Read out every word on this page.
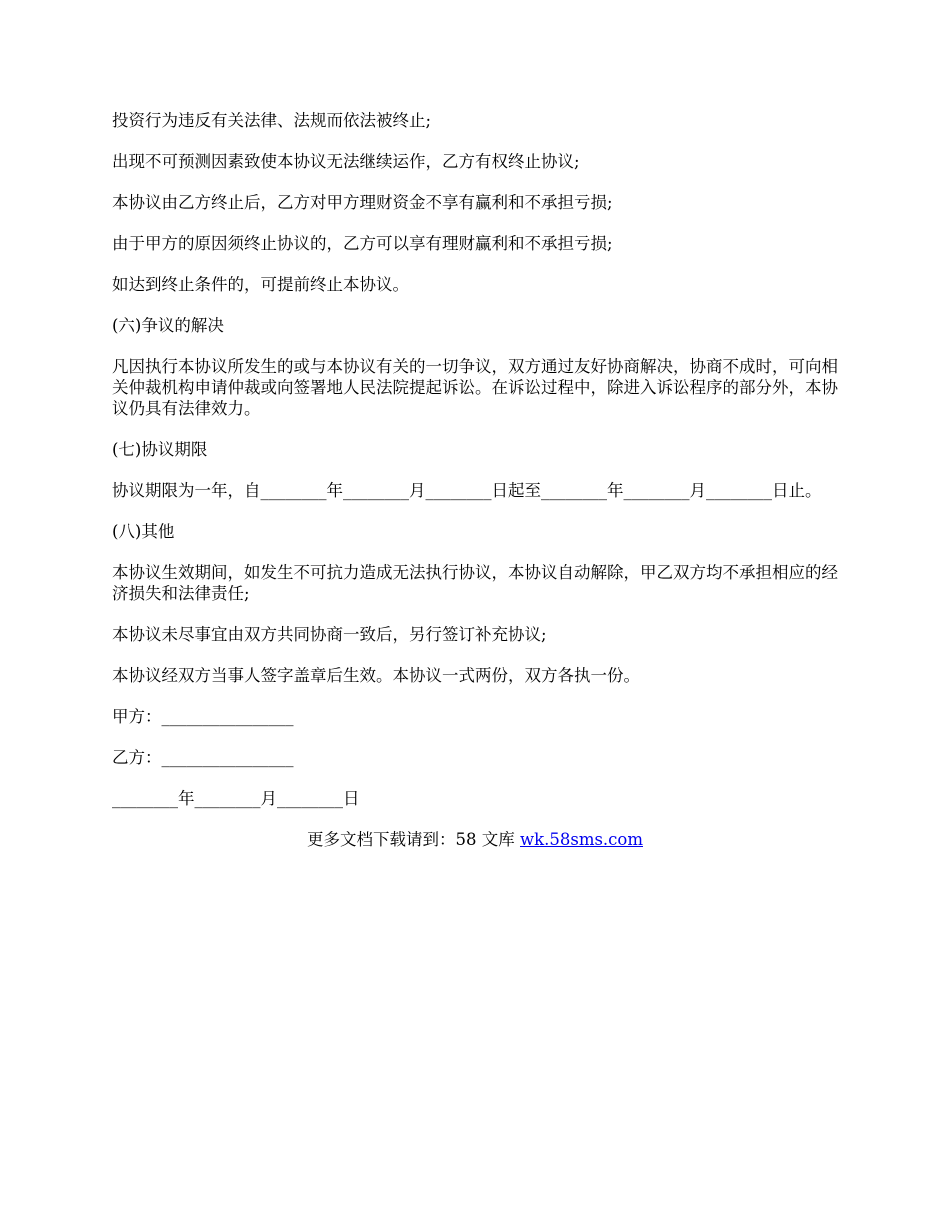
投资行为违反有关法律、法规而依法被终止;

出现不可预测因素致使本协议无法继续运作，乙方有权终止协议;

本协议由乙方终止后，乙方对甲方理财资金不享有赢利和不承担亏损;

由于甲方的原因须终止协议的，乙方可以享有理财赢利和不承担亏损;

如达到终止条件的，可提前终止本协议。

(六)争议的解决

凡因执行本协议所发生的或与本协议有关的一切争议，双方通过友好协商解决，协商不成时，可向相关仲裁机构申请仲裁或向签署地人民法院提起诉讼。在诉讼过程中，除进入诉讼程序的部分外，本协议仍具有法律效力。

(七)协议期限

协议期限为一年，自________年________月________日起至________年________月________日止。

(八)其他

本协议生效期间，如发生不可抗力造成无法执行协议，本协议自动解除，甲乙双方均不承担相应的经济损失和法律责任;

本协议未尽事宜由双方共同协商一致后，另行签订补充协议;

本协议经双方当事人签字盖章后生效。本协议一式两份，双方各执一份。

甲方：________________

乙方：________________

________年________月________日

更多文档下载请到：58 文库 wk.58sms.com
